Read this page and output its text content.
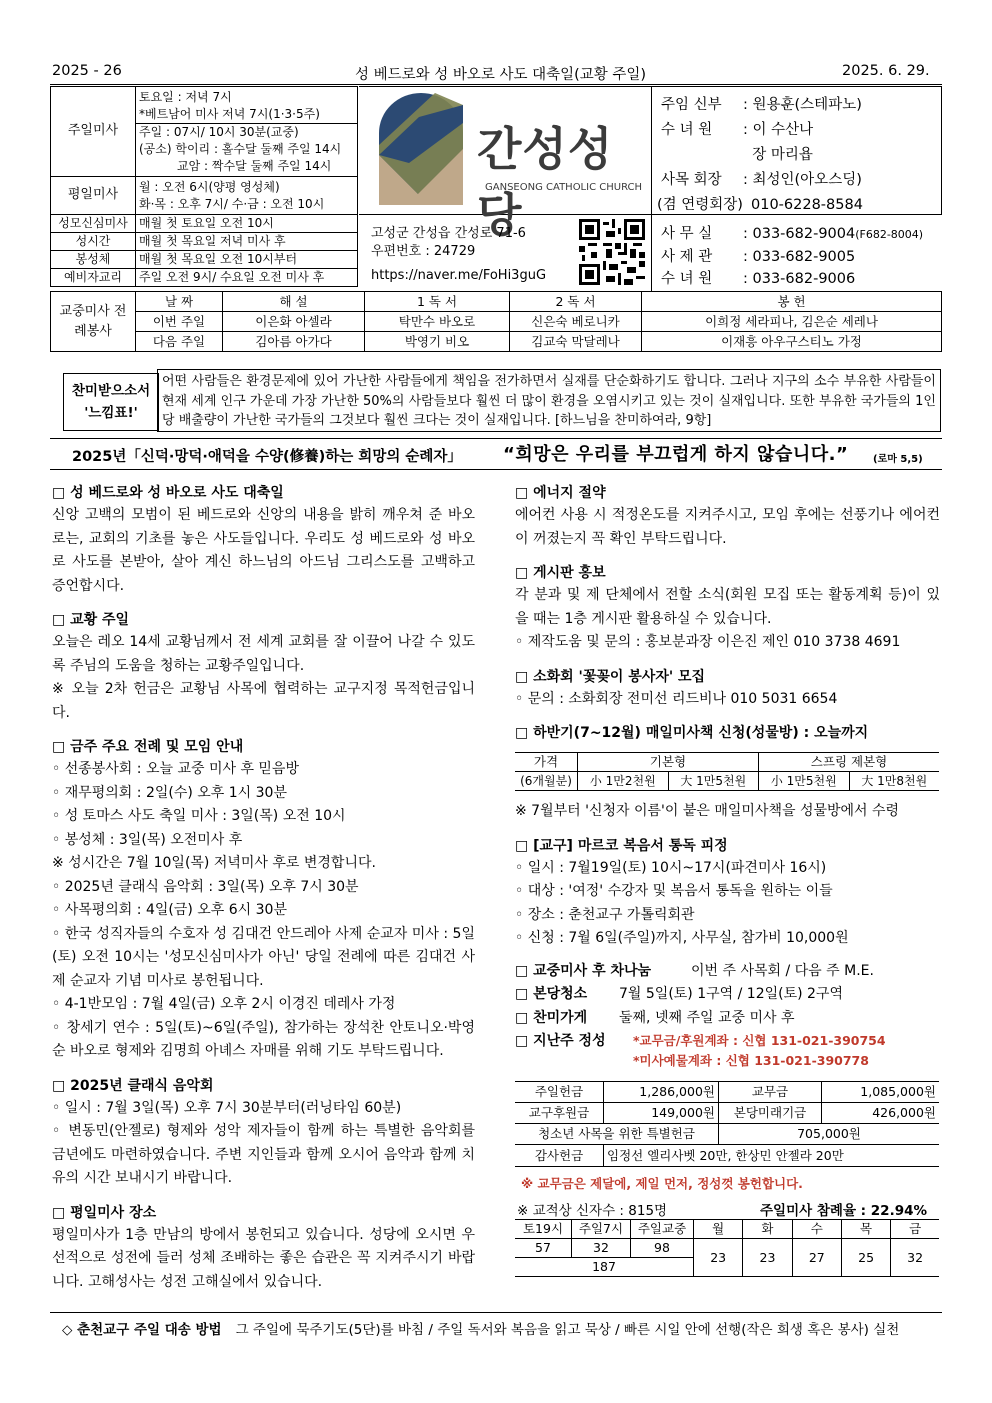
2025 - 26	성 베드로와 성 바오로 사도 대축일(교황 주일)	2025. 6. 29.
주일미사	토요일 : 저녁 7시
*베트남어 미사 저녁 7시(1·3·5주)
주일 : 07시/ 10시 30분(교중)
(공소) 학이리 : 홀수달 둘째 주일 14시
교암 : 짝수달 둘째 주일 14시

평일미사	월 : 오전 6시(양평 영성체)
화·목 : 오후 7시/ 수·금 : 오전 10시

성모신심미사	매월 첫 토요일 오전 10시
성시간	매월 첫 목요일 저녁 미사 후
봉성체	매월 첫 목요일 오전 10시부터
예비자교리	주일 오전 9시/ 수요일 오전 미사 후
간성성당
GANSEONG CATHOLIC CHURCH
고성군 간성읍 간성로 71-6
우편번호 : 24729
https://naver.me/FoHi3guG
주임 신부 : 원용훈(스테파노)
수 녀 원 : 이 수산나
장 마리욥
사목 회장 : 최성인(아오스딩)
(겸 연령회장) 010-6228-8584
사 무 실 : 033-682-9004(F682-8004)
사 제 관 : 033-682-9005
수 녀 원 : 033-682-9006
교중미사 전례봉사	날 짜	해 설	1 독 서	2 독 서	봉 헌
	이번 주일	이은화 아셀라	탁만수 바오로	신은숙 베로니카	이희정 세라피나, 김은순 세레나
	다음 주일	김아름 아가다	박영기 비오	김교숙 막달레나	이재흥 아우구스티노 가정
찬미받으소서
'느낌표!'
어떤 사람들은 환경문제에 있어 가난한 사람들에게 책임을 전가하면서 실재를 단순화하기도 합니다. 그러나 지구의 소수 부유한 사람들이 현재 세계 인구 가운데 가장 가난한 50%의 사람들보다 훨씬 더 많이 환경을 오염시키고 있는 것이 실재입니다. 또한 부유한 국가들의 1인당 배출량이 가난한 국가들의 그것보다 훨씬 크다는 것이 실재입니다. [하느님을 찬미하여라, 9항]
2025년「신덕·망덕·애덕을 수양(修養)하는 희망의 순례자」 “희망은 우리를 부끄럽게 하지 않습니다.” (로마 5,5)
□ 성 베드로와 성 바오로 사도 대축일
신앙 고백의 모범이 된 베드로와 신앙의 내용을 밝히 깨우쳐 준 바오로는, 교회의 기초를 놓은 사도들입니다. 우리도 성 베드로와 성 바오로 사도를 본받아, 살아 계신 하느님의 아드님 그리스도를 고백하고 증언합시다.
□ 교황 주일
오늘은 레오 14세 교황님께서 전 세계 교회를 잘 이끌어 나갈 수 있도록 주님의 도움을 청하는 교황주일입니다.
※ 오늘 2차 헌금은 교황님 사목에 협력하는 교구지정 목적헌금입니다.
□ 금주 주요 전례 및 모임 안내
◦ 선종봉사회 : 오늘 교중 미사 후 믿음방
◦ 재무평의회 : 2일(수) 오후 1시 30분
◦ 성 토마스 사도 축일 미사 : 3일(목) 오전 10시
◦ 봉성체 : 3일(목) 오전미사 후
※ 성시간은 7월 10일(목) 저녁미사 후로 변경합니다.
◦ 2025년 클래식 음악회 : 3일(목) 오후 7시 30분
◦ 사목평의회 : 4일(금) 오후 6시 30분
◦ 한국 성직자들의 수호자 성 김대건 안드레아 사제 순교자 미사 : 5일(토) 오전 10시는 '성모신심미사가 아닌' 당일 전례에 따른 김대건 사제 순교자 기념 미사로 봉헌됩니다.
◦ 4-1반모임 : 7월 4일(금) 오후 2시 이경진 데레사 가정
◦ 창세기 연수 : 5일(토)~6일(주일), 참가하는 장석찬 안토니오·박영순 바오로 형제와 김명희 아녜스 자매를 위해 기도 부탁드립니다.
□ 2025년 클래식 음악회
◦ 일시 : 7월 3일(목) 오후 7시 30분부터(러닝타임 60분)
◦ 변동민(안젤로) 형제와 성악 제자들이 함께 하는 특별한 음악회를 금년에도 마련하였습니다. 주변 지인들과 함께 오시어 음악과 함께 치유의 시간 보내시기 바랍니다.
□ 평일미사 장소
평일미사가 1층 만남의 방에서 봉헌되고 있습니다. 성당에 오시면 우선적으로 성전에 들러 성체 조배하는 좋은 습관은 꼭 지켜주시기 바랍니다. 고해성사는 성전 고해실에서 있습니다.
□ 에너지 절약
에어컨 사용 시 적정온도를 지켜주시고, 모임 후에는 선풍기나 에어컨이 꺼졌는지 꼭 확인 부탁드립니다.
□ 게시판 홍보
각 분과 및 제 단체에서 전할 소식(회원 모집 또는 활동계획 등)이 있을 때는 1층 게시판 활용하실 수 있습니다.
◦ 제작도움 및 문의 : 홍보분과장 이은진 제인 010 3738 4691
□ 소화회 '꽃꽂이 봉사자' 모집
◦ 문의 : 소화회장 전미선 리드비나 010 5031 6654
□ 하반기(7~12월) 매일미사책 신청(성물방) : 오늘까지
가격	기본형		스프링 제본형	
(6개월분)	小 1만2천원	大 1만5천원	小 1만5천원	大 1만8천원
※ 7월부터 '신청자 이름'이 붙은 매일미사책을 성물방에서 수령
□ [교구] 마르코 복음서 통독 피정
◦ 일시 : 7월19일(토) 10시~17시(파견미사 16시)
◦ 대상 : '여정' 수강자 및 복음서 통독을 원하는 이들
◦ 장소 : 춘천교구 가톨릭회관
◦ 신청 : 7월 6일(주일)까지, 사무실, 참가비 10,000원
□ 교중미사 후 차나눔	이번 주 사목회 / 다음 주 M.E.
□ 본당청소 7월 5일(토) 1구역 / 12일(토) 2구역
□ 찬미가게 둘째, 넷째 주일 교중 미사 후
□ 지난주 정성 *교무금/후원계좌 : 신협 131-021-390754
*미사예물계좌 : 신협 131-021-390778
주일헌금	1,286,000원	교무금	1,085,000원
교구후원금	149,000원	본당미래기금	426,000원
청소년 사목을 위한 특별헌금		705,000원	
감사헌금	임정선 엘리사벳 20만, 한상민 안젤라 20만		
※ 교무금은 제달에, 제일 먼저, 정성껏 봉헌합니다.
※ 교적상 신자수 : 815명	주일미사 참례율 : 22.94%
토19시	주일7시	주일교중	월	화	수	목	금
57	32	98	23	23	27	25	32
187							
◇ 춘천교구 주일 대송 방법 그 주일에 묵주기도(5단)를 바침 / 주일 독서와 복음을 읽고 묵상 / 빠른 시일 안에 선행(작은 희생 혹은 봉사) 실천
